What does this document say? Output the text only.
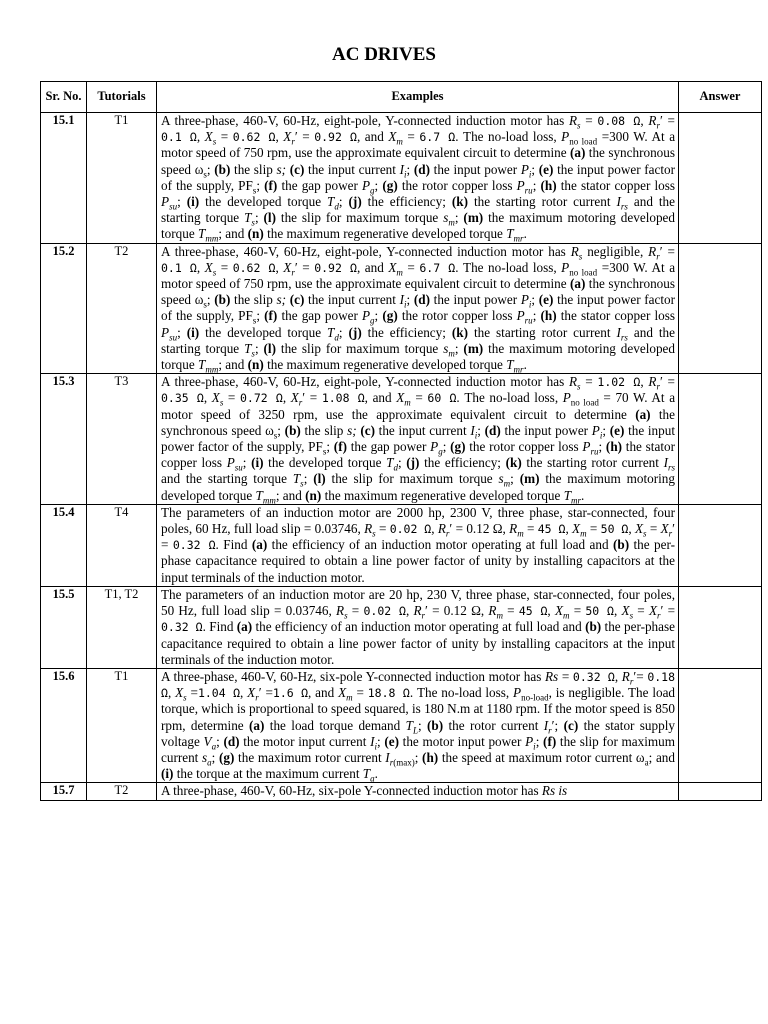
AC DRIVES
Sr. No.	Tutorials	Examples	Answer
15.1	T1	A three-phase, 460-V, 60-Hz, eight-pole, Y-connected induction motor has $R_s = 0.08$ Ω, $R_r' = 0.1$ Ω, $X_s = 0.62$ Ω, $X_r' = 0.92$ Ω, and $X_m = 6.7$ Ω. The no-load loss, $P_{no load} =300$ W. At a motor speed of 750 rpm, use the approximate equivalent circuit to determine (a) the synchronous speed $\omega_s$; (b) the slip s; (c) the input current $I_i$; (d) the input power $P_i$; (e) the input power factor of the supply, $PF_s$; (f) the gap power $P_g$; (g) the rotor copper loss $P_{ru}$; (h) the stator copper loss $P_{su}$; (i) the developed torque $T_d$; (j) the efficiency; (k) the starting rotor current $I_{rs}$ and the starting torque $T_s$; (l) the slip for maximum torque $s_m$; (m) the maximum motoring developed torque $T_{mm}$; and (n) the maximum regenerative developed torque $T_{mr}$.	
15.2	T2	A three-phase, 460-V, 60-Hz, eight-pole, Y-connected induction motor has $R_s$ negligible, $R_r' = 0.1$ Ω, $X_s = 0.62$ Ω, $X_r' = 0.92$ Ω, and $X_m = 6.7$ Ω. The no-load loss, $P_{no load} =300$ W. At a motor speed of 750 rpm, use the approximate equivalent circuit to determine (a) the synchronous speed $\omega_s$; (b) the slip s; (c) the input current $I_i$; (d) the input power $P_i$; (e) the input power factor of the supply, $PF_s$; (f) the gap power $P_g$; (g) the rotor copper loss $P_{ru}$; (h) the stator copper loss $P_{su}$; (i) the developed torque $T_d$; (j) the efficiency; (k) the starting rotor current $I_{rs}$ and the starting torque $T_s$; (l) the slip for maximum torque $s_m$; (m) the maximum motoring developed torque $T_{mm}$; and (n) the maximum regenerative developed torque $T_{mr}$.	
15.3	T3	A three-phase, 460-V, 60-Hz, eight-pole, Y-connected induction motor has $R_s = 1.02$ Ω, $R_r' = 0.35$ Ω, $X_s = 0.72$ Ω, $X_r' = 1.08$ Ω, and $X_m = 60$ Ω. The no-load loss, $P_{no load} = 70$ W. At a motor speed of 3250 rpm, use the approximate equivalent circuit to determine (a) the synchronous speed $\omega_s$; (b) the slip s; (c) the input current $I_i$; (d) the input power $P_i$; (e) the input power factor of the supply, $PF_s$; (f) the gap power $P_g$; (g) the rotor copper loss $P_{ru}$; (h) the stator copper loss $P_{su}$; (i) the developed torque $T_d$; (j) the efficiency; (k) the starting rotor current $I_{rs}$ and the starting torque $T_s$; (l) the slip for maximum torque $s_m$; (m) the maximum motoring developed torque $T_{mm}$; and (n) the maximum regenerative developed torque $T_{mr}$.	
15.4	T4	The parameters of an induction motor are 2000 hp, 2300 V, three phase, star-connected, four poles, 60 Hz, full load slip = 0.03746, $R_s = 0.02$ Ω, $R_r' = 0.12$ Ω, $R_m = 45$ Ω, $X_m = 50$ Ω, $X_s = X_r' = 0.32$ Ω. Find (a) the efficiency of an induction motor operating at full load and (b) the per-phase capacitance required to obtain a line power factor of unity by installing capacitors at the input terminals of the induction motor.	
15.5	T1, T2	The parameters of an induction motor are 20 hp, 230 V, three phase, star-connected, four poles, 50 Hz, full load slip = 0.03746, $R_s = 0.02$ Ω, $R_r' = 0.12$ Ω, $R_m = 45$ Ω, $X_m = 50$ Ω, $X_s = X_r' = 0.32$ Ω. Find (a) the efficiency of an induction motor operating at full load and (b) the per-phase capacitance required to obtain a line power factor of unity by installing capacitors at the input terminals of the induction motor.	
15.6	T1	A three-phase, 460-V, 60-Hz, six-pole Y-connected induction motor has Rs = 0.32 Ω, $R_r'= 0.18$ Ω, $X_s =1.04$ Ω, $X_r' =1.6$ Ω, and $X_m = 18.8$ Ω. The no-load loss, $P_{no-load}$, is negligible. The load torque, which is proportional to speed squared, is 180 N.m at 1180 rpm. If the motor speed is 850 rpm, determine (a) the load torque demand $T_L$; (b) the rotor current $I_r'$; (c) the stator supply voltage $V_a$; (d) the motor input current $I_i$; (e) the motor input power $P_i$; (f) the slip for maximum current $s_a$; (g) the maximum rotor current $I_{r(max)}$; (h) the speed at maximum rotor current $\omega_a$; and (i) the torque at the maximum current $T_a$.	
15.7	T2	A three-phase, 460-V, 60-Hz, six-pole Y-connected induction motor has Rs is	
